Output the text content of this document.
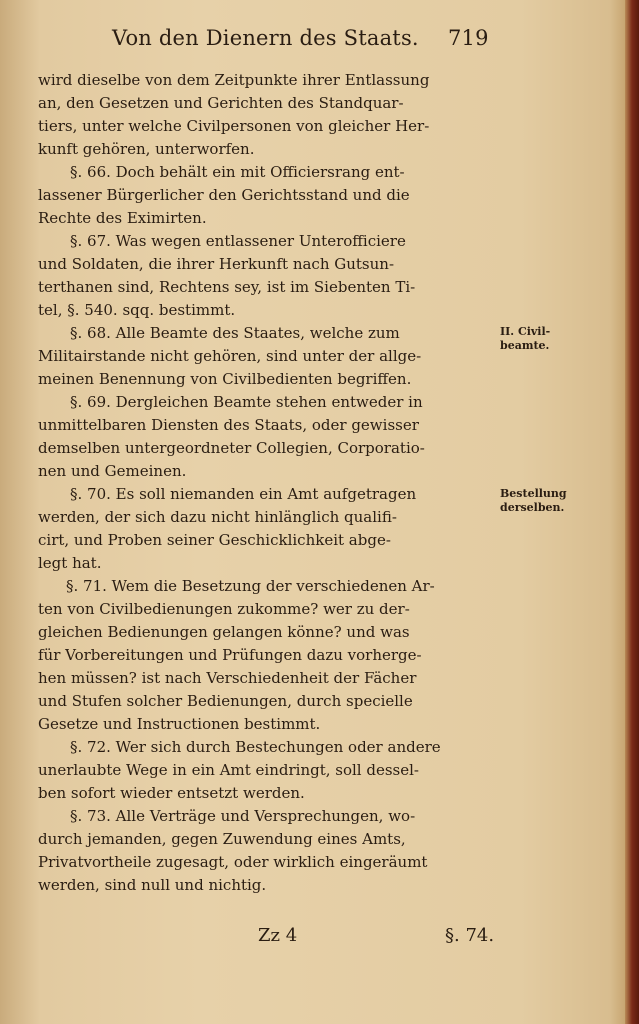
Von den Dienern des Staats. 719
wird dieselbe von dem Zeitpunkte ihrer Entlassung
an, den Gesetzen und Gerichten des Standquar-
tiers, unter welche Civilpersonen von gleicher Her-
kunft gehören, unterworfen.
§. 66. Doch behält ein mit Officiersrang ent-
lassener Bürgerlicher den Gerichtsstand und die
Rechte des Eximirten.
§. 67. Was wegen entlassener Unterofficiere
und Soldaten, die ihrer Herkunft nach Gutsun-
terthanen sind, Rechtens sey, ist im Siebenten Ti-
tel, §. 540. sqq. bestimmt.
§. 68. Alle Beamte des Staates, welche zum
Militairstande nicht gehören, sind unter der allge-
meinen Benennung von Civilbedienten begriffen.
§. 69. Dergleichen Beamte stehen entweder in
unmittelbaren Diensten des Staats, oder gewisser
demselben untergeordneter Collegien, Corporatio-
nen und Gemeinen.
§. 70. Es soll niemanden ein Amt aufgetragen
werden, der sich dazu nicht hinlänglich qualifi-
cirt, und Proben seiner Geschicklichkeit abge-
legt hat.
§. 71. Wem die Besetzung der verschiedenen Ar-
ten von Civilbedienungen zukomme? wer zu der-
gleichen Bedienungen gelangen könne? und was
für Vorbereitungen und Prüfungen dazu vorherge-
hen müssen? ist nach Verschiedenheit der Fächer
und Stufen solcher Bedienungen, durch specielle
Gesetze und Instructionen bestimmt.
§. 72. Wer sich durch Bestechungen oder andere
unerlaubte Wege in ein Amt eindringt, soll dessel-
ben sofort wieder entsetzt werden.
§. 73. Alle Verträge und Versprechungen, wo-
durch jemanden, gegen Zuwendung eines Amts,
Privatvortheile zugesagt, oder wirklich eingeräumt
werden, sind null und nichtig.
II. Civil-
beamte.
Bestellung
derselben.
Zz 4	§. 74.
